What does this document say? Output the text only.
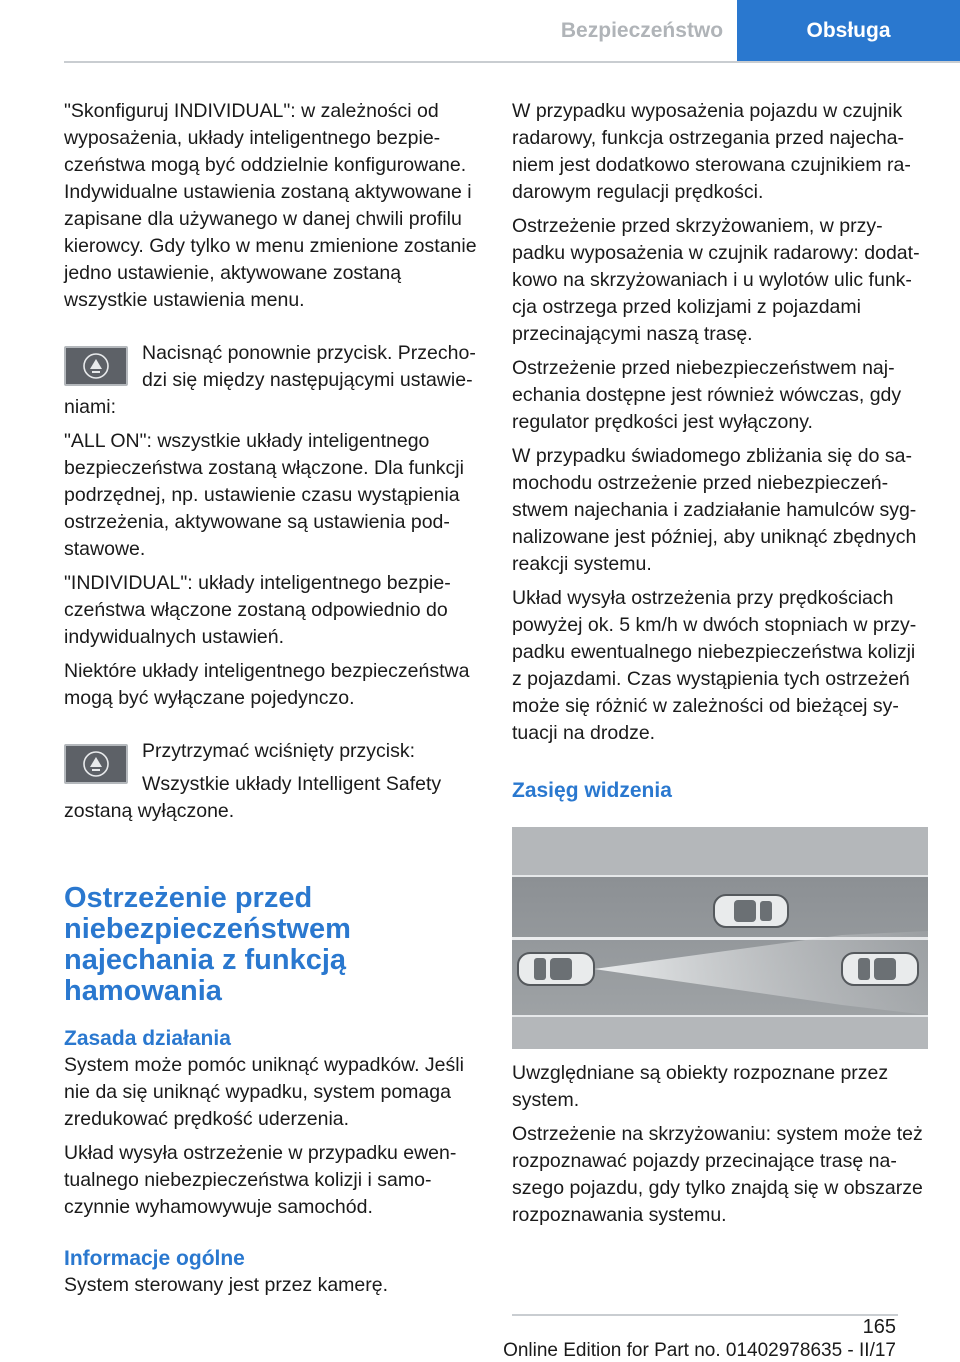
Bezpieczeństwo	Obsługa

"Skonfiguruj INDIVIDUAL": w zależności od wyposażenia, układy inteligentnego bezpieczeństwa mogą być oddzielnie konfigurowane. Indywidualne ustawienia zostaną aktywowane i zapisane dla używanego w danej chwili profilu kierowcy. Gdy tylko w menu zmienione zostanie jedno ustawienie, aktywowane zostaną wszystkie ustawienia menu.

Nacisnąć ponownie przycisk. Przechodzi się między następującymi ustawieniami:

"ALL ON": wszystkie układy inteligentnego bezpieczeństwa zostaną włączone. Dla funkcji podrzędnej, np. ustawienie czasu wystąpienia ostrzeżenia, aktywowane są ustawienia podstawowe.

"INDIVIDUAL": układy inteligentnego bezpieczeństwa włączone zostaną odpowiednio do indywidualnych ustawień.

Niektóre układy inteligentnego bezpieczeństwa mogą być wyłączane pojedynczo.

Przytrzymać wciśnięty przycisk:

Wszystkie układy Intelligent Safety zostaną wyłączone.

Ostrzeżenie przed niebezpieczeństwem najechania z funkcją hamowania
Zasada działania

System może pomóc uniknąć wypadków. Jeśli nie da się uniknąć wypadku, system pomaga zredukować prędkość uderzenia.

Układ wysyła ostrzeżenie w przypadku ewentualnego niebezpieczeństwa kolizji i samoczynnie wyhamowywuje samochód.

Informacje ogólne

System sterowany jest przez kamerę.

W przypadku wyposażenia pojazdu w czujnik radarowy, funkcja ostrzegania przed najechaniem jest dodatkowo sterowana czujnikiem radarowym regulacji prędkości.

Ostrzeżenie przed skrzyżowaniem, w przypadku wyposażenia w czujnik radarowy: dodatkowo na skrzyżowaniach i u wylotów ulic funkcja ostrzega przed kolizjami z pojazdami przecinającymi naszą trasę.

Ostrzeżenie przed niebezpieczeństwem najechania dostępne jest również wówczas, gdy regulator prędkości jest wyłączony.

W przypadku świadomego zbliżania się do samochodu ostrzeżenie przed niebezpieczeństwem najechania i zadziałanie hamulców sygnalizowane jest później, aby uniknąć zbędnych reakcji systemu.

Układ wysyła ostrzeżenia przy prędkościach powyżej ok. 5 km/h w dwóch stopniach w przypadku ewentualnego niebezpieczeństwa kolizji z pojazdami. Czas wystąpienia tych ostrzeżeń może się różnić w zależności od bieżącej sytuacji na drodze.

Zasięg widzenia

Uwzględniane są obiekty rozpoznane przez system.

Ostrzeżenie na skrzyżowaniu: system może też rozpoznawać pojazdy przecinające trasę naszego pojazdu, gdy tylko znajdą się w obszarze rozpoznawania systemu.

165
Online Edition for Part no. 01402978635 - II/17
